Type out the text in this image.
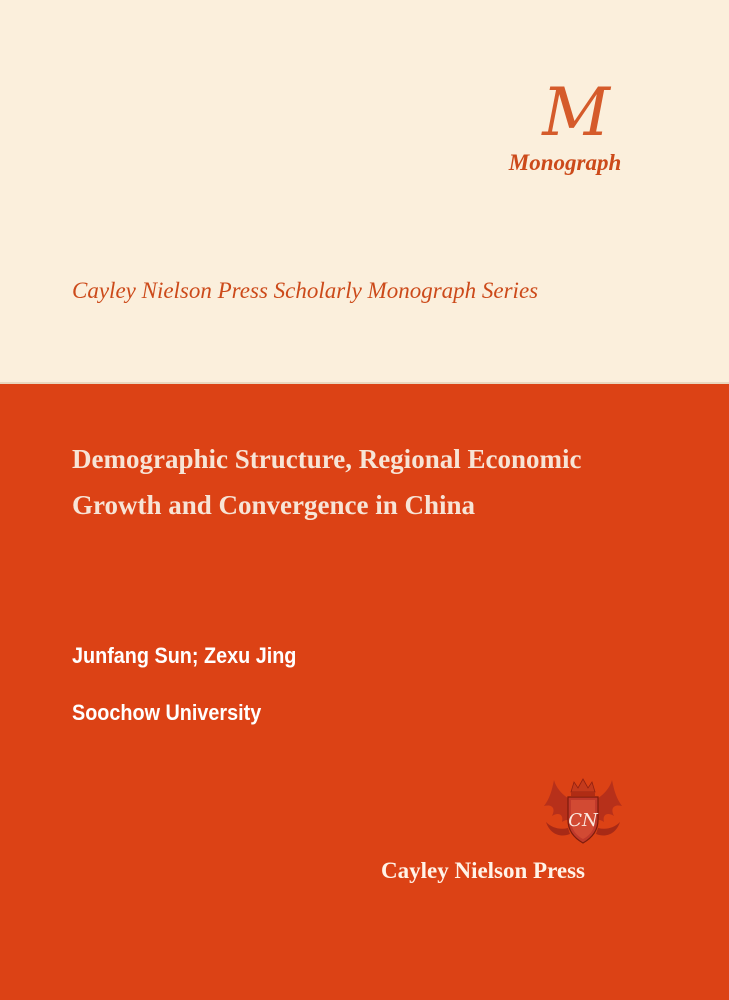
M
Monograph
Cayley Nielson Press Scholarly Monograph Series
Demographic Structure, Regional Economic
Growth and Convergence in China
Junfang Sun; Zexu Jing
Soochow University
CN
Cayley Nielson Press
